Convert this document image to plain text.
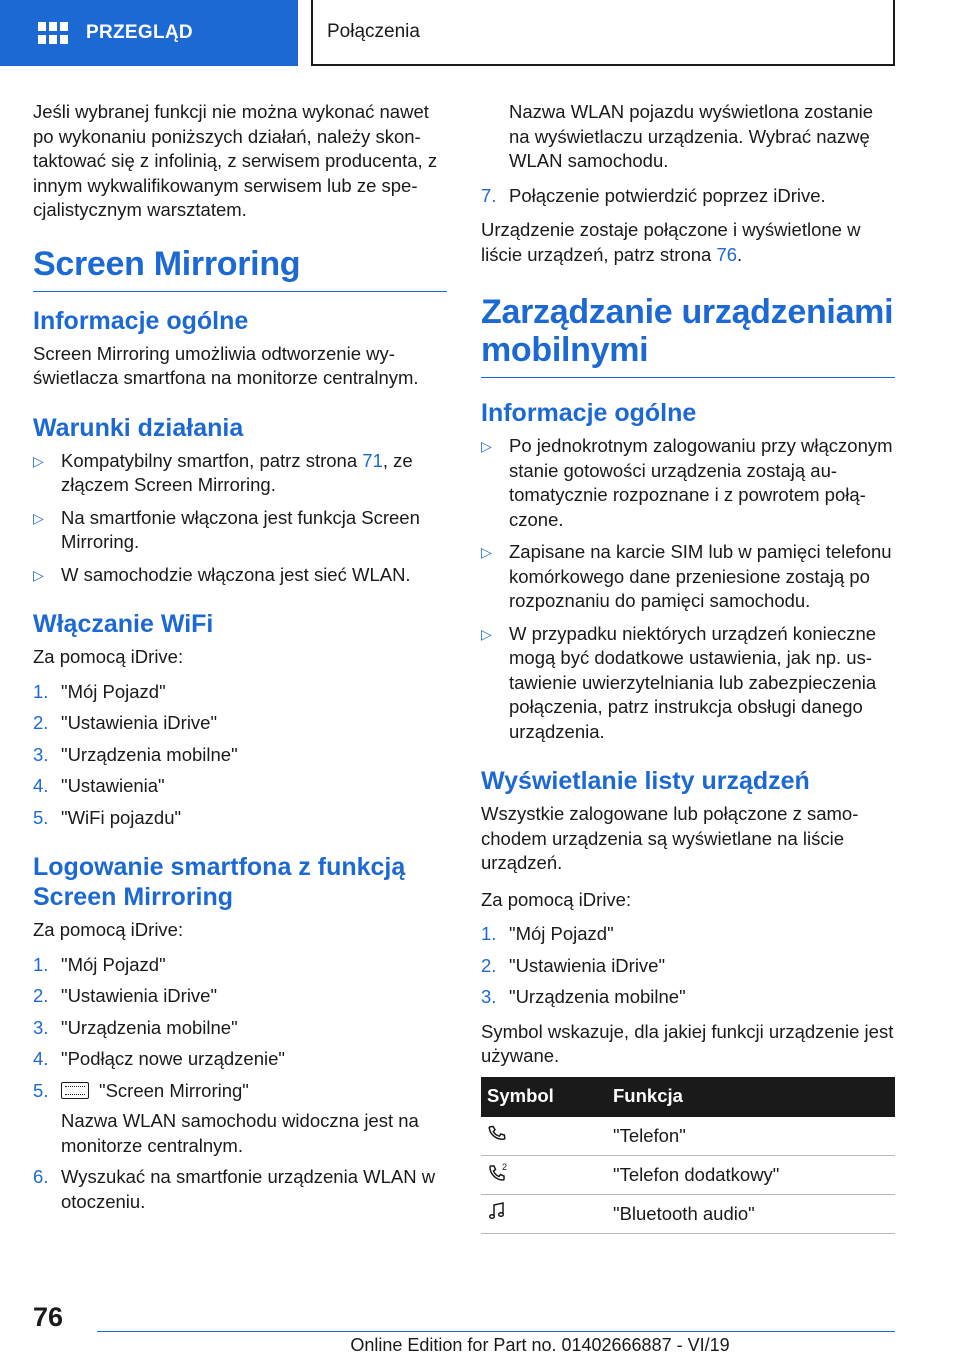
PRZEGLĄD	Połączenia

Jeśli wybranej funkcji nie można wykonać nawet po wykonaniu poniższych działań, należy skontaktować się z infolinią, z serwisem producenta, z innym wykwalifikowanym serwisem lub ze specjalistycznym warsztatem.

Screen Mirroring
Informacje ogólne

Screen Mirroring umożliwia odtworzenie wyświetlacza smartfona na monitorze centralnym.

Warunki działania
▷ Kompatybilny smartfon, patrz strona 71, ze złączem Screen Mirroring.
▷ Na smartfonie włączona jest funkcja Screen Mirroring.
▷ W samochodzie włączona jest sieć WLAN.
Włączanie WiFi

Za pomocą iDrive:

1. "Mój Pojazd"
2. "Ustawienia iDrive"
3. "Urządzenia mobilne"
4. "Ustawienia"
5. "WiFi pojazdu"
Logowanie smartfona z funkcją Screen Mirroring

Za pomocą iDrive:

1. "Mój Pojazd"
2. "Ustawienia iDrive"
3. "Urządzenia mobilne"
4. "Podłącz nowe urządzenie"
5.	"Screen Mirroring"
Nazwa WLAN samochodu widoczna jest na monitorze centralnym.
6. Wyszukać na smartfonie urządzenia WLAN w otoczeniu.
Nazwa WLAN pojazdu wyświetlona zostanie na wyświetlaczu urządzenia. Wybrać nazwę WLAN samochodu.
7. Połączenie potwierdzić poprzez iDrive.

Urządzenie zostaje połączone i wyświetlone w liście urządzeń, patrz strona 76.

Zarządzanie urządzeniami mobilnymi
Informacje ogólne
▷ Po jednokrotnym zalogowaniu przy włączonym stanie gotowości urządzenia zostają automatycznie rozpoznane i z powrotem połączone.
▷ Zapisane na karcie SIM lub w pamięci telefonu komórkowego dane przeniesione zostają po rozpoznaniu do pamięci samochodu.
▷ W przypadku niektórych urządzeń konieczne mogą być dodatkowe ustawienia, jak np. ustawienie uwierzytelniania lub zabezpieczenia połączenia, patrz instrukcja obsługi danego urządzenia.
Wyświetlanie listy urządzeń

Wszystkie zalogowane lub połączone z samochodem urządzenia są wyświetlane na liście urządzeń.

Za pomocą iDrive:

1. "Mój Pojazd"
2. "Ustawienia iDrive"
3. "Urządzenia mobilne"

Symbol wskazuje, dla jakiej funkcji urządzenie jest używane.

Symbol	Funkcja
	"Telefon"

2	"Telefon dodatkowy"
	"Bluetooth audio"
76
Online Edition for Part no. 01402666887 - VI/19
